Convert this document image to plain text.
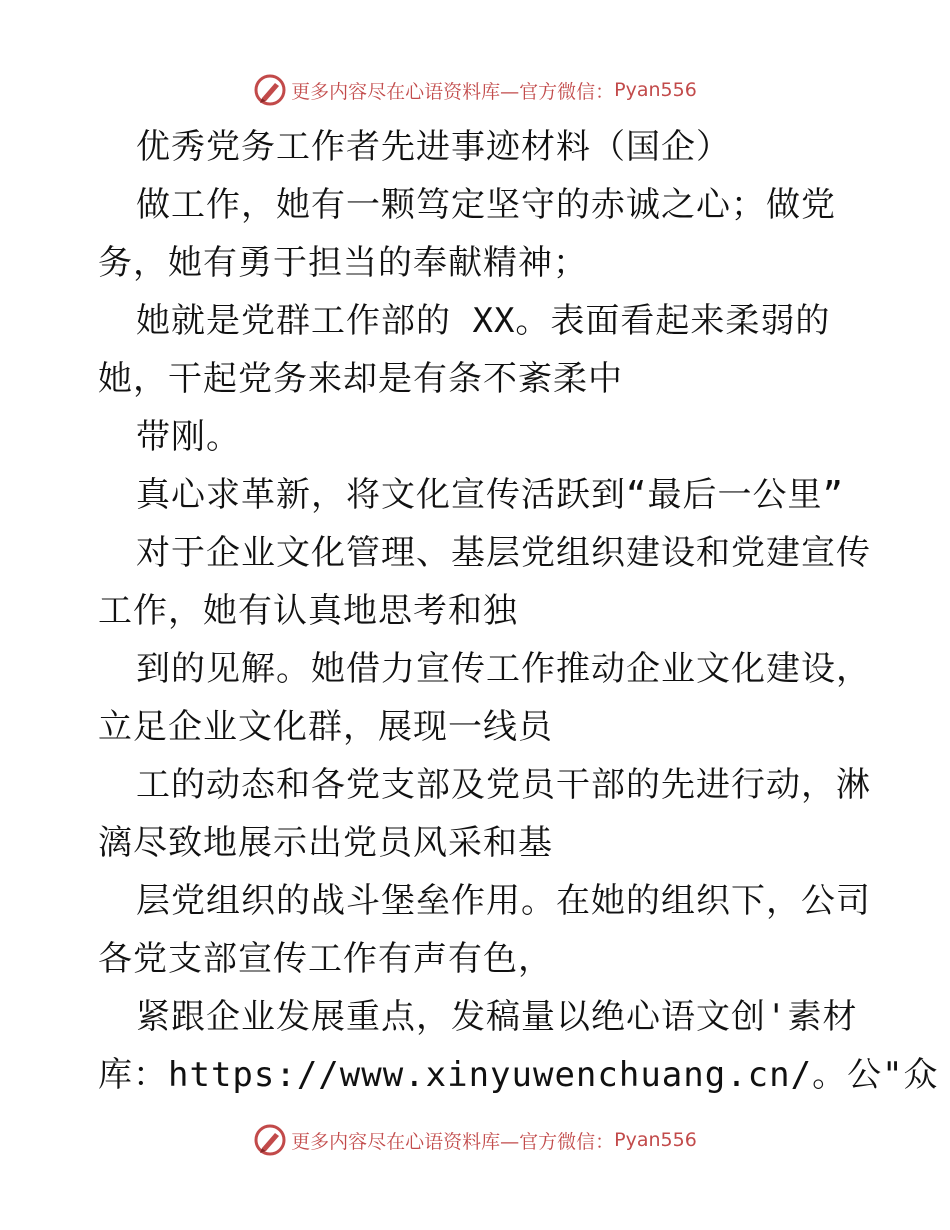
更多内容尽在心语资料库—官方微信： Pyan556
优秀党务工作者先进事迹材料（国企）
做工作，她有一颗笃定坚守的赤诚之心；做党
务，她有勇于担当的奉献精神；
她就是党群工作部的 XX。表面看起来柔弱的
她，干起党务来却是有条不紊柔中
带刚。
真心求革新，将文化宣传活跃到“最后一公里”
对于企业文化管理、基层党组织建设和党建宣传
工作，她有认真地思考和独
到的见解。她借力宣传工作推动企业文化建设，
立足企业文化群，展现一线员
工的动态和各党支部及党员干部的先进行动，淋
漓尽致地展示出党员风采和基
层党组织的战斗堡垒作用。在她的组织下，公司
各党支部宣传工作有声有色，
紧跟企业发展重点，发稿量以绝心语文创'素材
库：https://www.xinyuwenchuang.cn/。公"众
更多内容尽在心语资料库—官方微信： Pyan556
